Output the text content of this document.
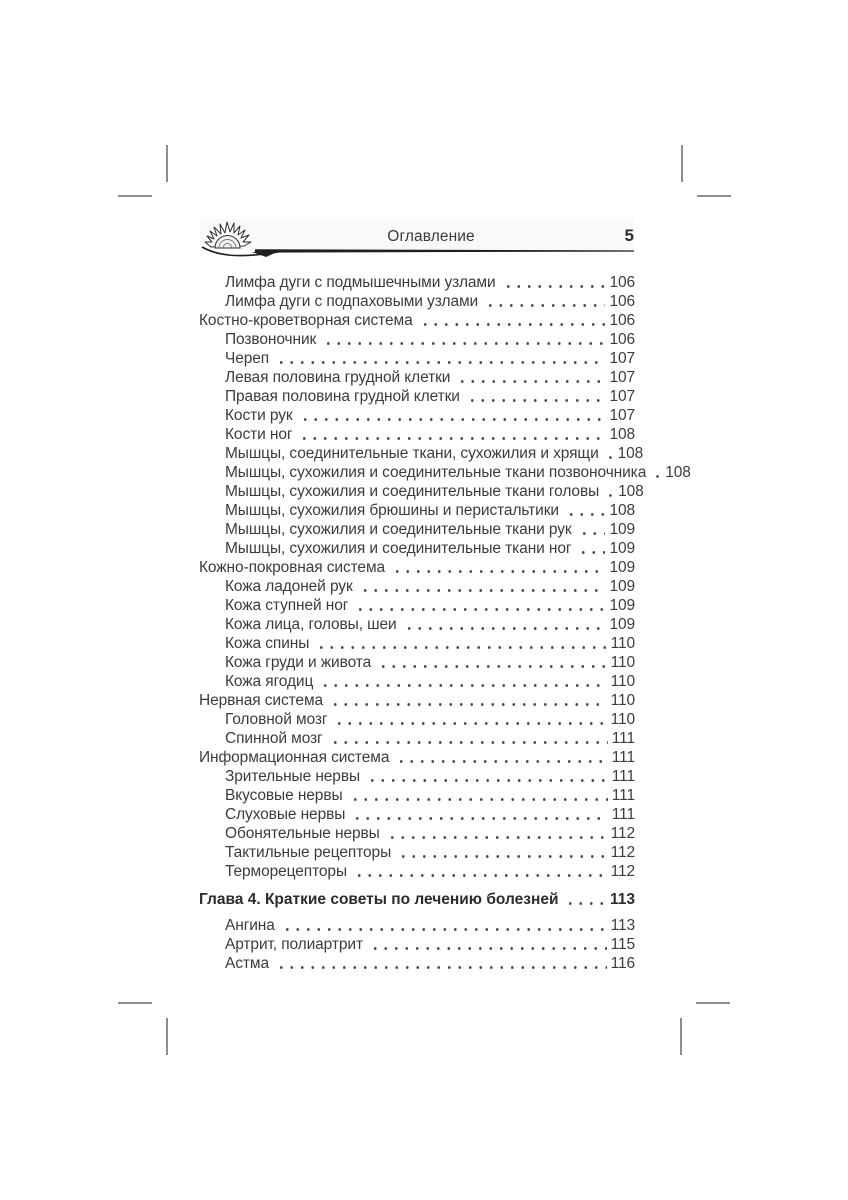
Оглавление	5
Лимфа дуги с подмышечными узлами	106
Лимфа дуги с подпаховыми узлами	106
Костно-кроветворная система	106
Позвоночник	106
Череп	107
Левая половина грудной клетки	107
Правая половина грудной клетки	107
Кости рук	107
Кости ног	108
Мышцы, соединительные ткани, сухожилия и хрящи 108
Мышцы, сухожилия и соединительные ткани позвоночника 108
Мышцы, сухожилия и соединительные ткани головы 108
Мышцы, сухожилия брюшины и перистальтики	108
Мышцы, сухожилия и соединительные ткани рук 109
Мышцы, сухожилия и соединительные ткани ног 109
Кожно-покровная система	109
Кожа ладоней рук	109
Кожа ступней ног	109
Кожа лица, головы, шеи	109
Кожа спины	110
Кожа груди и живота	110
Кожа ягодиц	110
Нервная система	110
Головной мозг	110
Спинной мозг	111
Информационная система	111
Зрительные нервы	111
Вкусовые нервы	111
Слуховые нервы	111
Обонятельные нервы	112
Тактильные рецепторы	112
Терморецепторы	112
Глава 4. Краткие советы по лечению болезней	113
Ангина	113
Артрит, полиартрит	115
Астма	116
